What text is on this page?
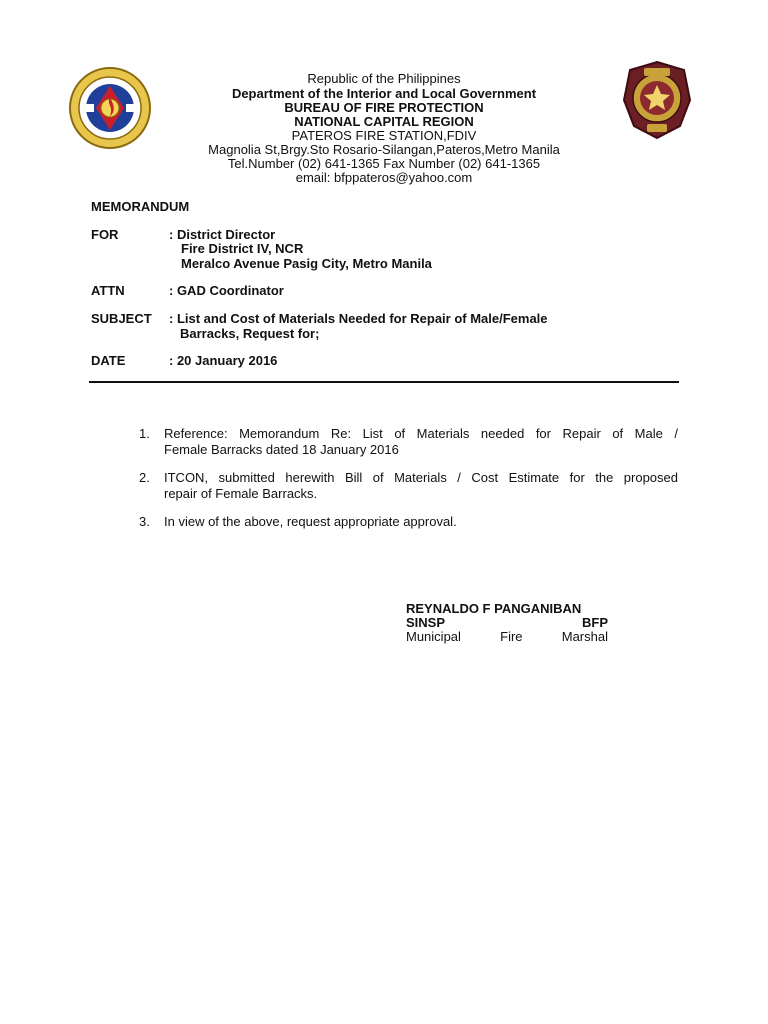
Republic of the Philippines
Department of the Interior and Local Government
BUREAU OF FIRE PROTECTION
NATIONAL CAPITAL REGION
PATEROS FIRE STATION,FDIV
Magnolia St,Brgy.Sto Rosario-Silangan,Pateros,Metro Manila
Tel.Number (02) 641-1365 Fax Number (02) 641-1365
email: bfppateros@yahoo.com
MEMORANDUM
FOR	: District Director
Fire District IV, NCR
Meralco Avenue Pasig City, Metro Manila
ATTN	: GAD Coordinator
SUBJECT : List and Cost of Materials Needed for Repair of Male/Female
Barracks, Request for;
DATE	: 20 January 2016
1.	Reference: Memorandum Re: List of Materials needed for Repair of Male /
Female Barracks dated 18 January 2016
2.	ITCON, submitted herewith Bill of Materials / Cost Estimate for the proposed
repair of Female Barracks.
3.	In view of the above, request appropriate approval.
REYNALDO F PANGANIBAN
SINSP	BFP
Municipal	Fire	Marshal
